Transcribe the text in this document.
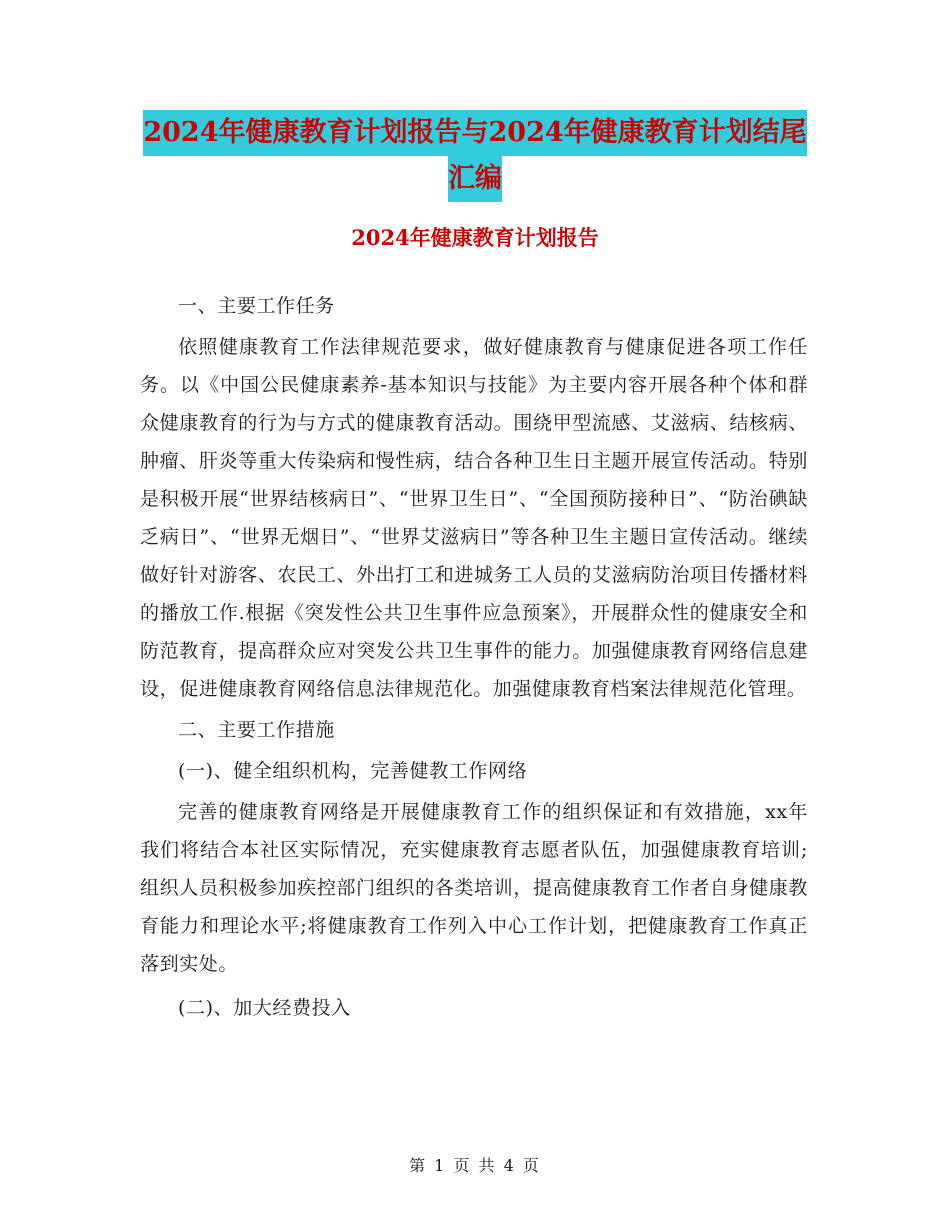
2024年健康教育计划报告与2024年健康教育计划结尾
汇编
2024年健康教育计划报告

一、主要工作任务

依照健康教育工作法律规范要求，做好健康教育与健康促进各项工作任务。以《中国公民健康素养-基本知识与技能》为主要内容开展各种个体和群众健康教育的行为与方式的健康教育活动。围绕甲型流感、艾滋病、结核病、肿瘤、肝炎等重大传染病和慢性病，结合各种卫生日主题开展宣传活动。特别是积极开展“世界结核病日”、“世界卫生日”、“全国预防接种日”、“防治碘缺乏病日”、“世界无烟日”、“世界艾滋病日”等各种卫生主题日宣传活动。继续做好针对游客、农民工、外出打工和进城务工人员的艾滋病防治项目传播材料的播放工作.根据《突发性公共卫生事件应急预案》，开展群众性的健康安全和防范教育，提高群众应对突发公共卫生事件的能力。加强健康教育网络信息建设，促进健康教育网络信息法律规范化。加强健康教育档案法律规范化管理。

二、主要工作措施

(一)、健全组织机构，完善健教工作网络

完善的健康教育网络是开展健康教育工作的组织保证和有效措施，xx年我们将结合本社区实际情况，充实健康教育志愿者队伍，加强健康教育培训;组织人员积极参加疾控部门组织的各类培训，提高健康教育工作者自身健康教育能力和理论水平;将健康教育工作列入中心工作计划，把健康教育工作真正落到实处。

(二)、加大经费投入

第 1 页 共 4 页
